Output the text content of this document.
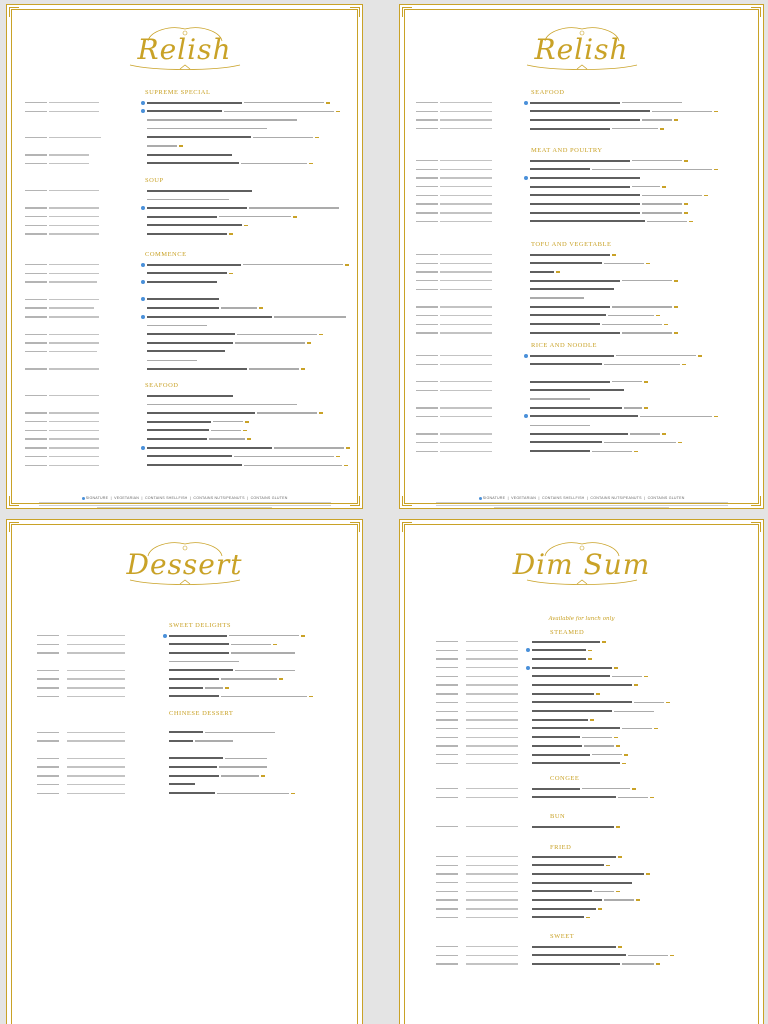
Relish
SUPREME SPECIAL
SOUP
COMMENCE
SEAFOOD
SIGNATURE  |  VEGETARIAN  |  CONTAINS SHELLFISH  |  CONTAINS NUTS/PEANUTS  |  CONTAINS GLUTEN
Relish
SEAFOOD
MEAT AND POULTRY
TOFU AND VEGETABLE
RICE AND NOODLE
SIGNATURE  |  VEGETARIAN  |  CONTAINS SHELLFISH  |  CONTAINS NUTS/PEANUTS  |  CONTAINS GLUTEN
Dessert
SWEET DELIGHTS
CHINESE DESSERT
Dim Sum
Available for lunch only
STEAMED
CONGEE
BUN
FRIED
SWEET
